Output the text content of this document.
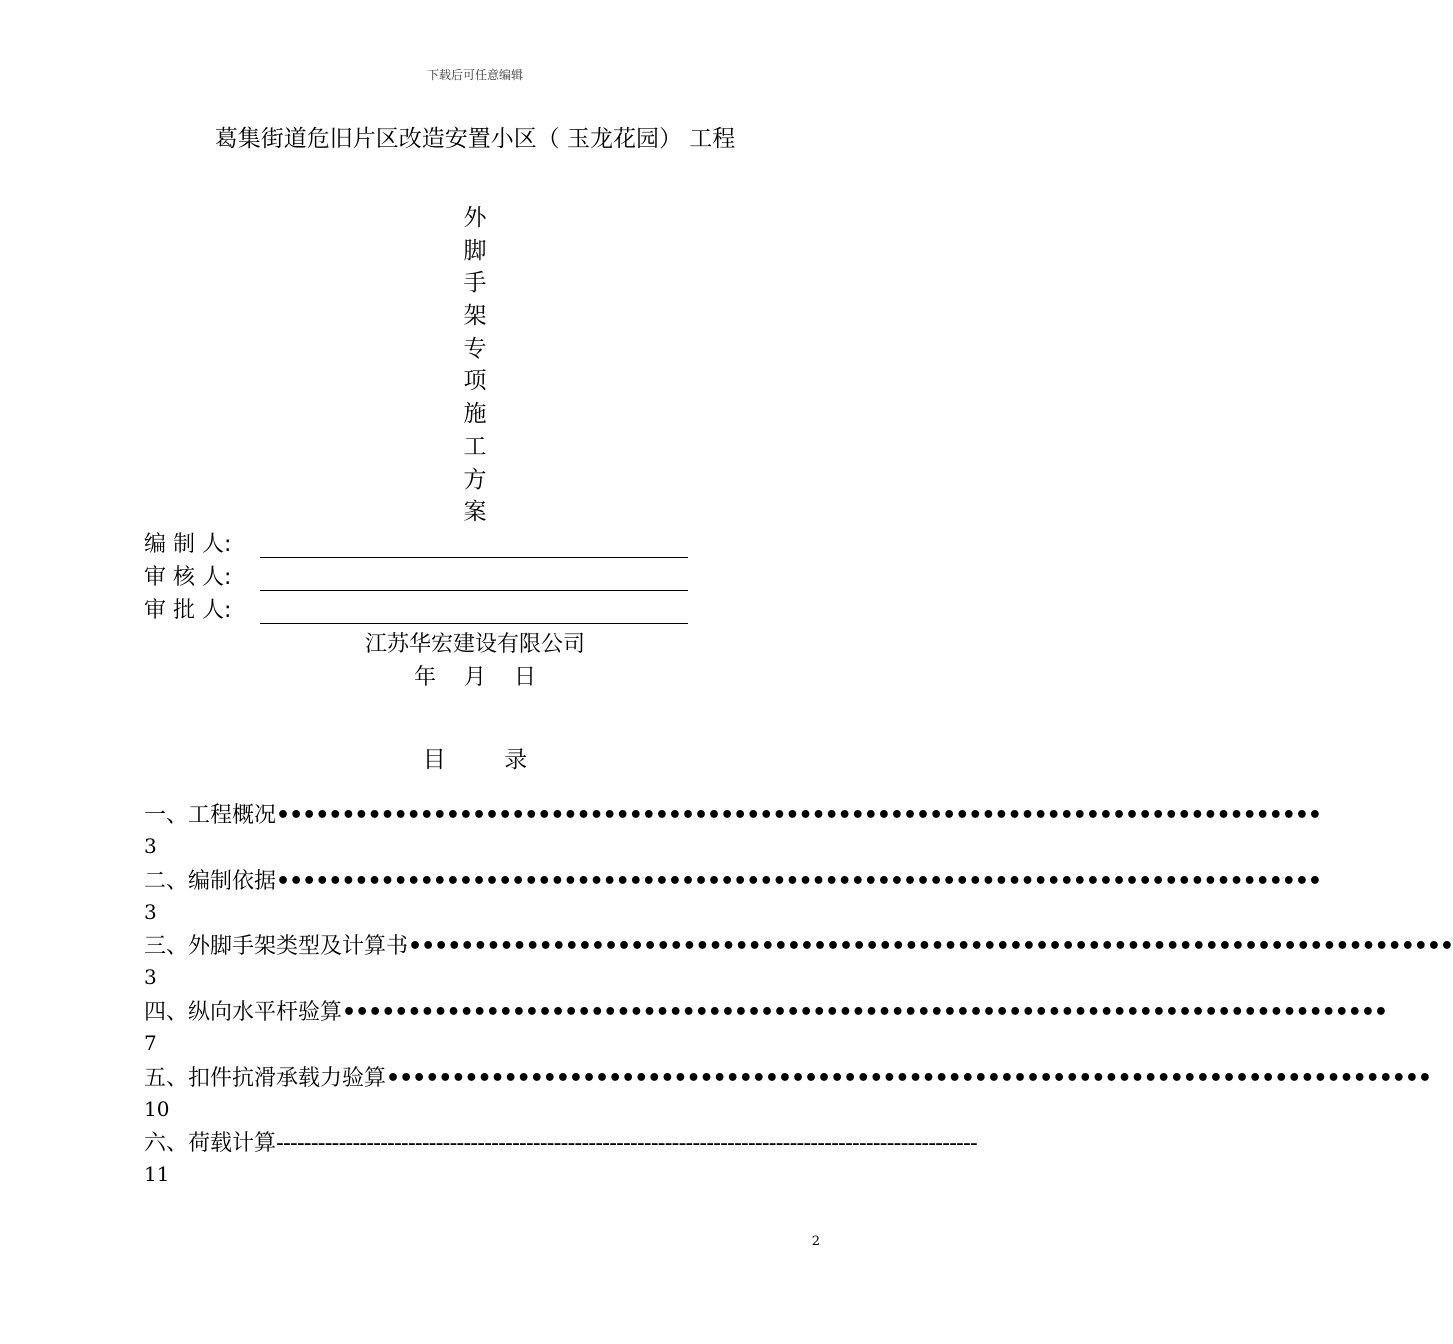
下载后可任意编辑
葛集街道危旧片区改造安置小区（ 玉龙花园） 工程
外
脚
手
架
专
项
施
工
方
案
编 制 人:
审 核 人:
审 批 人:
江苏华宏建设有限公司
年    月    日
目        录
一、 工程概况 ••••••••••••••••••••••••••••••••••••••••••••••••••••••••••••••••••••••••••••••••
3
二、 编制依据 ••••••••••••••••••••••••••••••••••••••••••••••••••••••••••••••••••••••••••••••••
3
三、 外脚手架类型及计算书 ••••••••••••••••••••••••••••••••••••••••••••••••••••••••••••••••••••••••••••••••
3
四、 纵向水平杆验算 ••••••••••••••••••••••••••••••••••••••••••••••••••••••••••••••••••••••••••••••••
7
五、 扣件抗滑承载力验算 ••••••••••••••••••••••••••••••••••••••••••••••••••••••••••••••••••••••••••••••••
10
六、 荷载计算 -----------------------------------------------------------------------------------------------------
11
2
